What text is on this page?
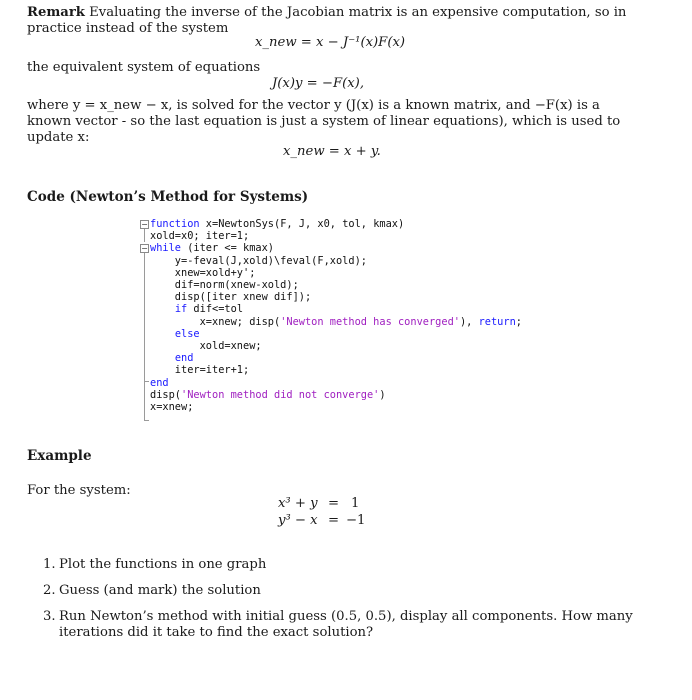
Remark Evaluating the inverse of the Jacobian matrix is an expensive computation, so in practice instead of the system
x_new = x − J⁻¹(x)F(x)
the equivalent system of equations
J(x)y = −F(x),
where y = x_new − x, is solved for the vector y (J(x) is a known matrix, and −F(x) is a known vector - so the last equation is just a system of linear equations), which is used to update x:
x_new = x + y.
Code (Newton’s Method for Systems)
−
−
function x=NewtonSys(F, J, x0, tol, kmax)
xold=x0; iter=1;
while (iter <= kmax)
y=-feval(J,xold)\feval(F,xold);
xnew=xold+y';
dif=norm(xnew-xold);
disp([iter xnew dif]);
if dif<=tol
x=xnew; disp('Newton method has converged'), return;
else
xold=xnew;
end
iter=iter+1;
end
disp('Newton method did not converge')
x=xnew;
Example
For the system:
x³ + y = 1
y³ − x = −1
1. Plot the functions in one graph
2. Guess (and mark) the solution
3. Run Newton’s method with initial guess (0.5, 0.5), display all components. How many iterations did it take to find the exact solution?
